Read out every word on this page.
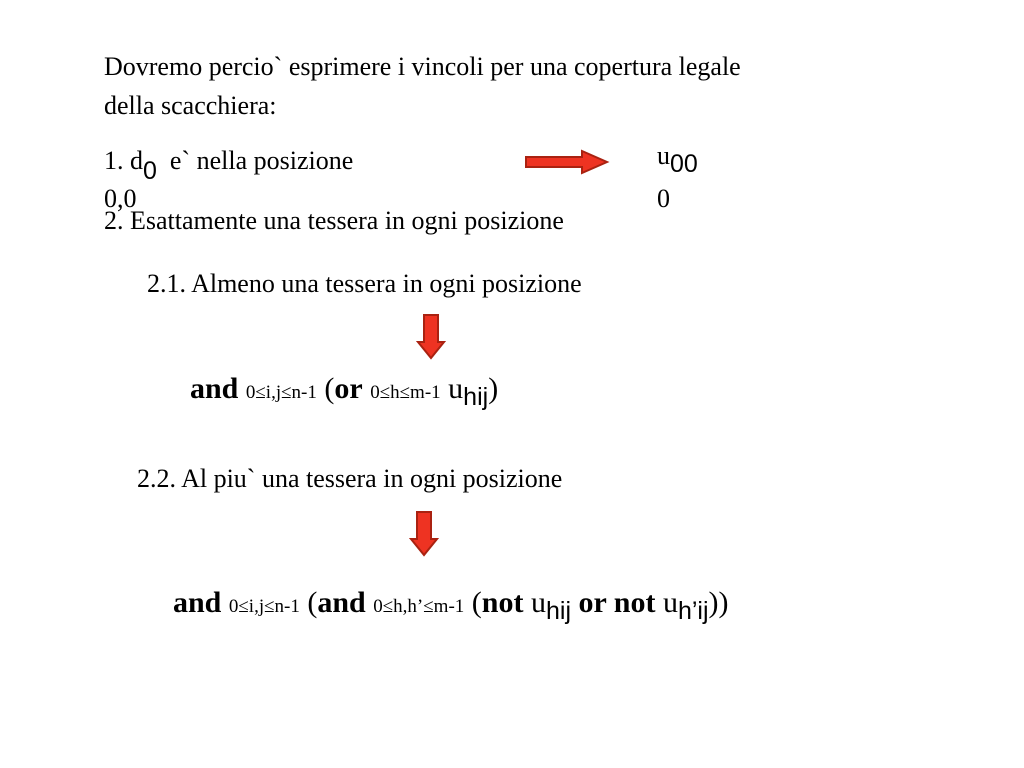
Dovremo percio` esprimere i vincoli per una copertura legale
della scacchiera:
1. d0 e` nella posizione
0,0
u00
0
2. Esattamente una tessera in ogni posizione
2.1. Almeno una tessera in ogni posizione
and 0≤i,j≤n-1 (or 0≤h≤m-1 $u_{hij}$)
2.2. Al piu` una tessera in ogni posizione
and 0≤i,j≤n-1 (and 0≤h,h’≤m-1 (not $u_{hij}$ or not $u_{h’ij}$))
